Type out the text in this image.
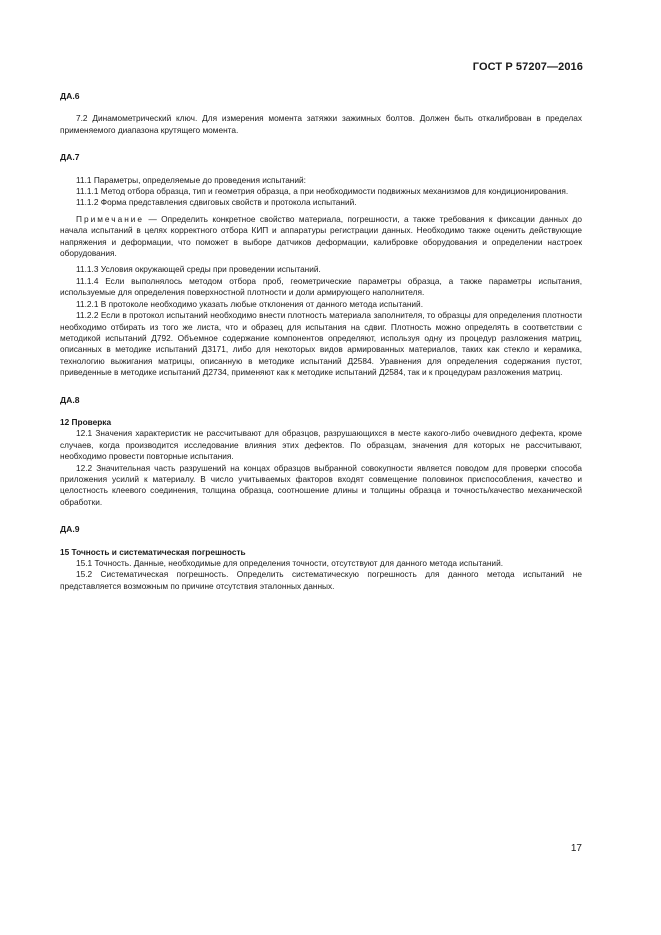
ГОСТ Р 57207—2016

ДА.6

7.2 Динамометрический ключ. Для измерения момента затяжки зажимных болтов. Должен быть откалиброван в пределах применяемого диапазона крутящего момента.

ДА.7

11.1 Параметры, определяемые до проведения испытаний:

11.1.1 Метод отбора образца, тип и геометрия образца, а при необходимости подвижных механизмов для кондиционирования.

11.1.2 Форма представления сдвиговых свойств и протокола испытаний.

Примечание — Определить конкретное свойство материала, погрешности, а также требования к фиксации данных до начала испытаний в целях корректного отбора КИП и аппаратуры регистрации данных. Необходимо также оценить действующие напряжения и деформации, что поможет в выборе датчиков деформации, калибровке оборудования и определении настроек оборудования.

11.1.3 Условия окружающей среды при проведении испытаний.

11.1.4 Если выполнялось методом отбора проб, геометрические параметры образца, а также параметры испытания, используемые для определения поверхностной плотности и доли армирующего наполнителя.

11.2.1 В протоколе необходимо указать любые отклонения от данного метода испытаний.

11.2.2 Если в протокол испытаний необходимо внести плотность материала заполнителя, то образцы для определения плотности необходимо отбирать из того же листа, что и образец для испытания на сдвиг. Плотность можно определять в соответствии с методикой испытаний Д792. Объемное содержание компонентов определяют, используя одну из процедур разложения матриц, описанных в методике испытаний Д3171, либо для некоторых видов армированных материалов, таких как стекло и керамика, технологию выжигания матрицы, описанную в методике испытаний Д2584. Уравнения для определения содержания пустот, приведенные в методике испытаний Д2734, применяют как к методике испытаний Д2584, так и к процедурам разложения матриц.

ДА.8

12 Проверка

12.1 Значения характеристик не рассчитывают для образцов, разрушающихся в месте какого-либо очевидного дефекта, кроме случаев, когда производится исследование влияния этих дефектов. По образцам, значения для которых не рассчитывают, необходимо провести повторные испытания.

12.2 Значительная часть разрушений на концах образцов выбранной совокупности является поводом для проверки способа приложения усилий к материалу. В число учитываемых факторов входят совмещение половинок приспособления, качество и целостность клеевого соединения, толщина образца, соотношение длины и толщины образца и точность/качество механической обработки.

ДА.9

15 Точность и систематическая погрешность

15.1 Точность. Данные, необходимые для определения точности, отсутствуют для данного метода испытаний.

15.2 Систематическая погрешность. Определить систематическую погрешность для данного метода испытаний не представляется возможным по причине отсутствия эталонных данных.

17
